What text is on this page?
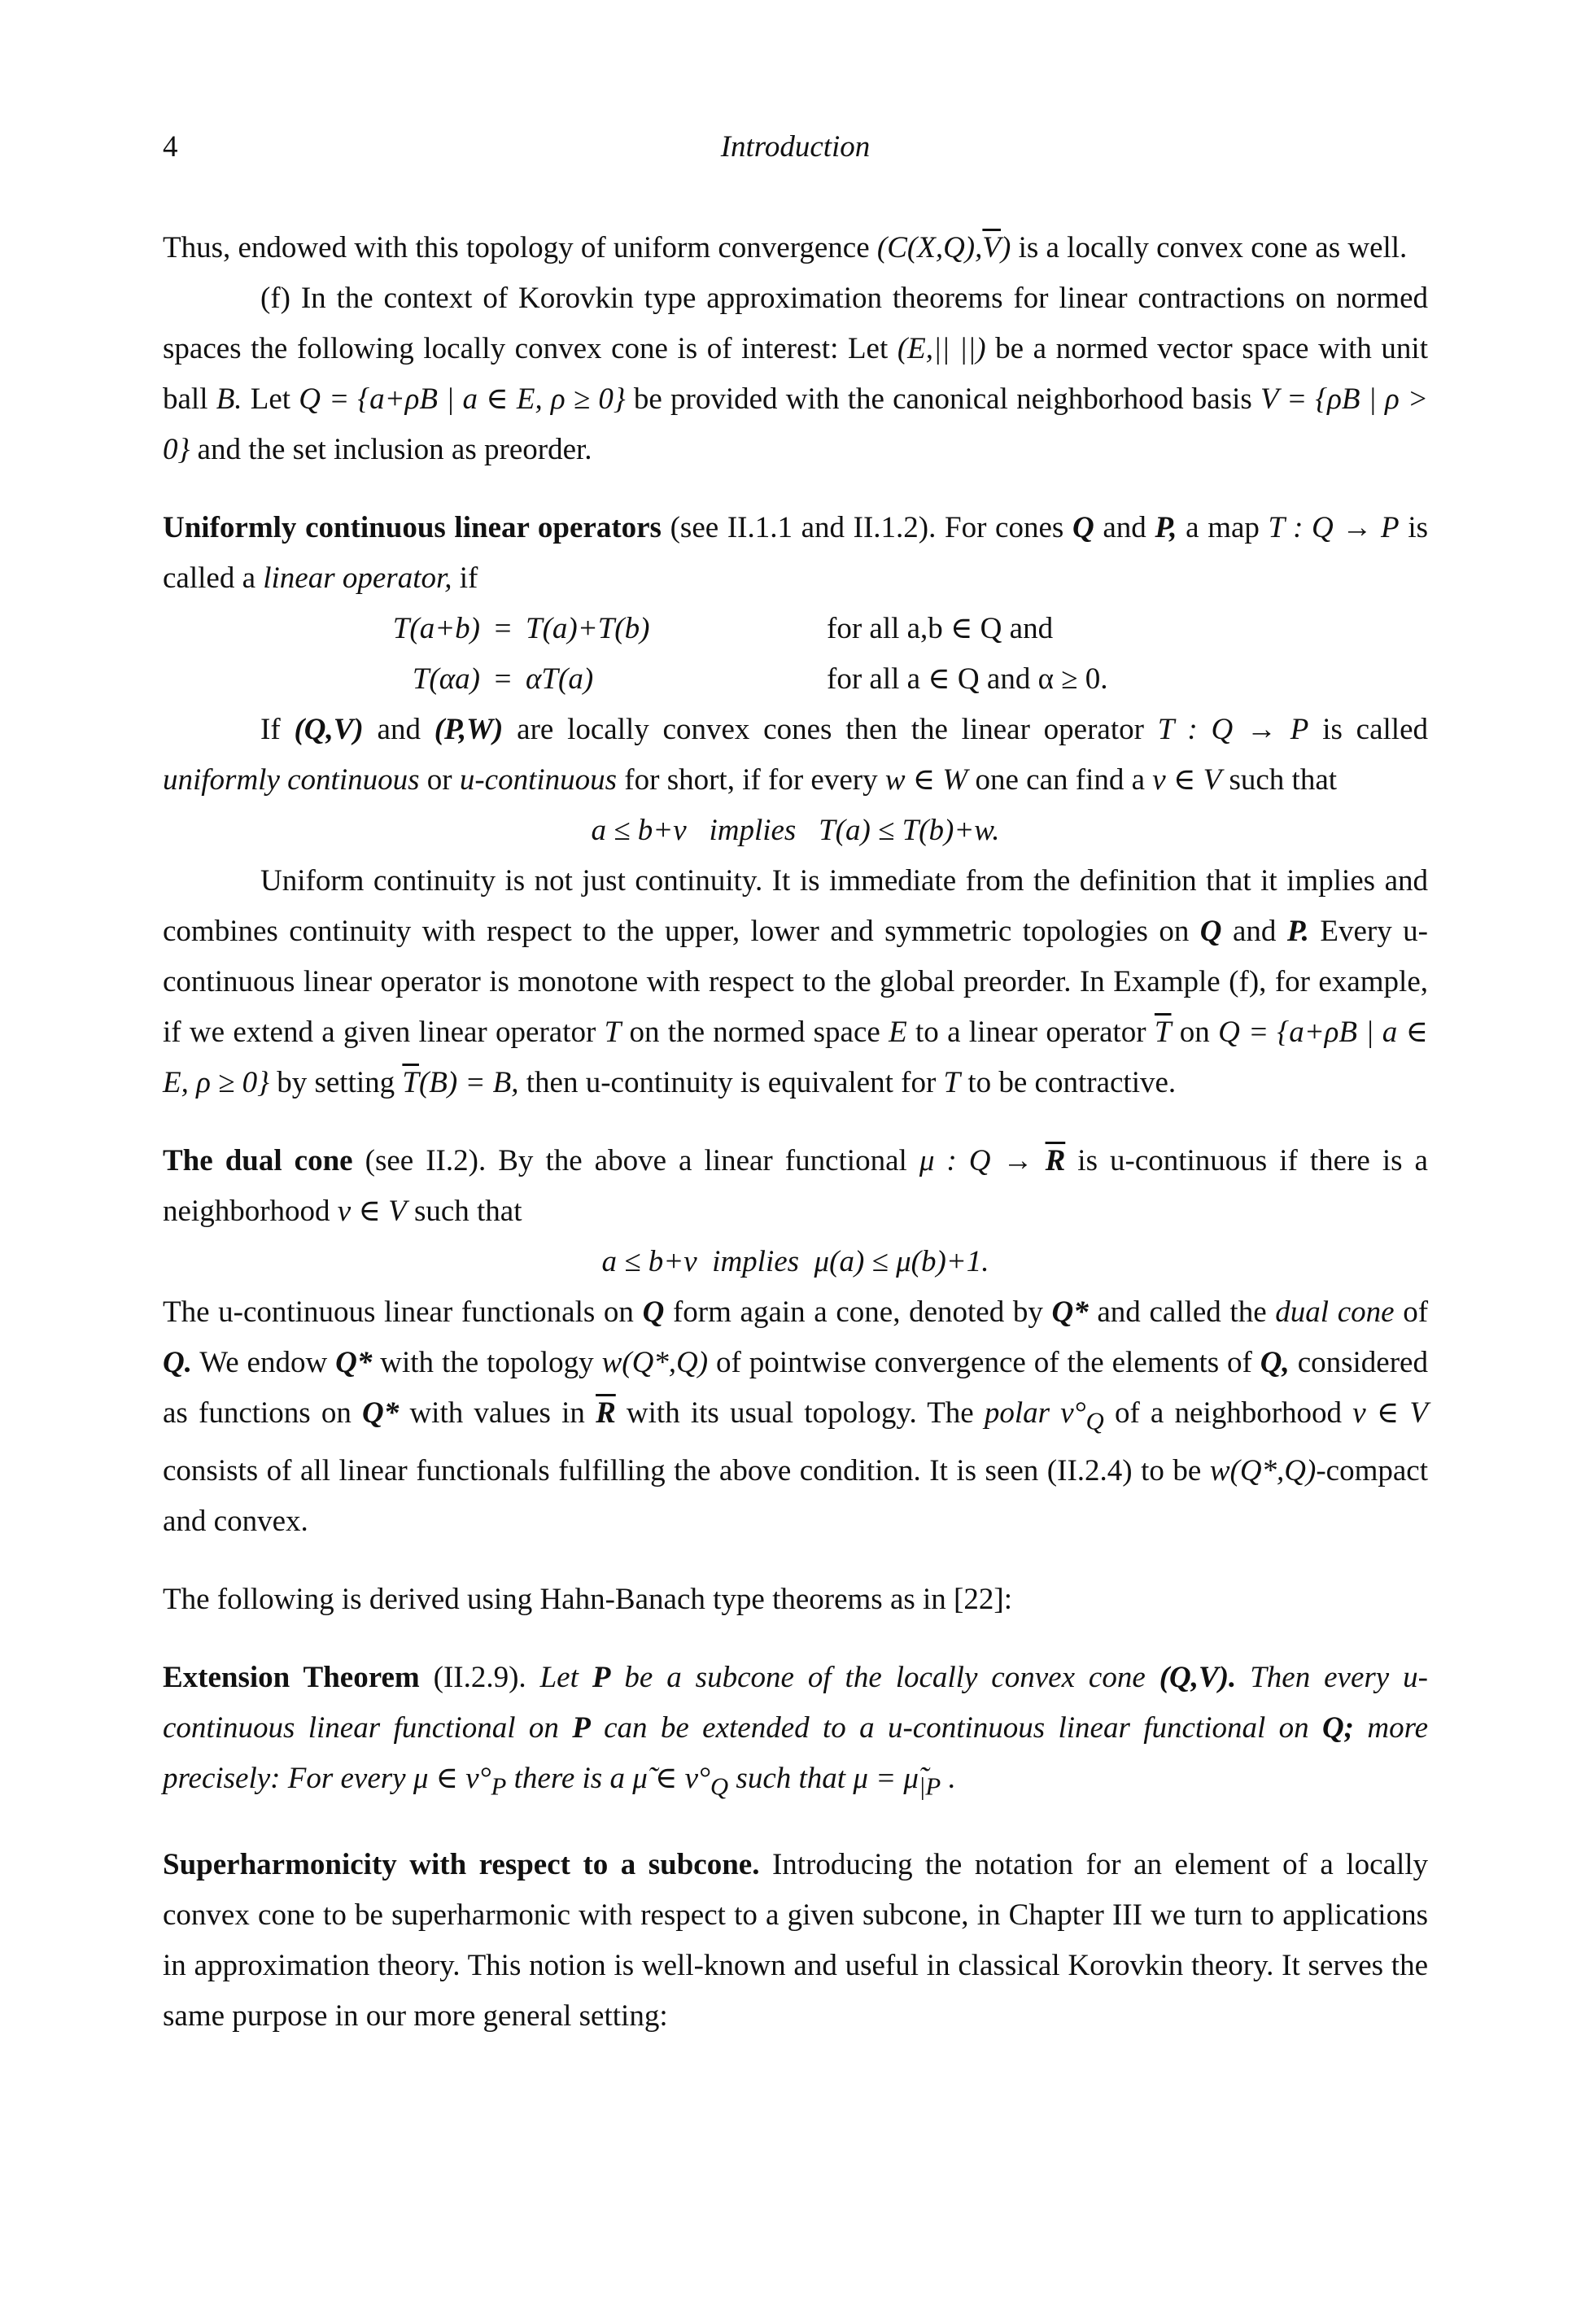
4	Introduction

Thus, endowed with this topology of uniform convergence $(C(X,Q),\overline{V})$ is a locally convex cone as well.

(f) In the context of Korovkin type approximation theorems for linear contractions on normed spaces the following locally convex cone is of interest: Let (E,|| ||) be a normed vector space with unit ball B. Let Q = {a+ρB | a ∈ E, ρ ≥ 0} be provided with the canonical neighborhood basis V = {ρB | ρ > 0} and the set inclusion as preorder.

Uniformly continuous linear operators (see II.1.1 and II.1.2). For cones Q and P, a map T : Q → P is called a linear operator, if

T(a+b) = T(a)+T(b)	for all a,b ∈ Q and
T(αa) = αT(a)	for all a ∈ Q and α ≥ 0.

If (Q,V) and (P,W) are locally convex cones then the linear operator T : Q → P is called uniformly continuous or u-continuous for short, if for every w ∈ W one can find a v ∈ V such that

a ≤ b+v   implies   T(a) ≤ T(b)+w.

Uniform continuity is not just continuity. It is immediate from the definition that it implies and combines continuity with respect to the upper, lower and symmetric topologies on Q and P. Every u-continuous linear operator is monotone with respect to the global preorder. In Example (f), for example, if we extend a given linear operator T on the normed space E to a linear operator $\overline{T}$ on Q = {a+ρB | a ∈ E, ρ ≥ 0} by setting $\overline{T}(B) = B$, then u-continuity is equivalent for T to be contractive.

The dual cone (see II.2). By the above a linear functional μ : $Q \to \overline{R}$ is u-continuous if there is a neighborhood v ∈ V such that

a ≤ b+v  implies  μ(a) ≤ μ(b)+1.

The u-continuous linear functionals on Q form again a cone, denoted by Q* and called the dual cone of Q. We endow Q* with the topology w(Q*,Q) of pointwise convergence of the elements of Q, considered as functions on Q* with values in $\overline{R}$ with its usual topology. The polar $v^\circ_Q$ of a neighborhood v ∈ V consists of all linear functionals fulfilling the above condition. It is seen (II.2.4) to be w(Q*,Q)-compact and convex.

The following is derived using Hahn-Banach type theorems as in [22]:

Extension Theorem (II.2.9). Let P be a subcone of the locally convex cone (Q,V). Then every u-continuous linear functional on P can be extended to a u-continuous linear functional on Q; more precisely: For every μ ∈ $v^\circ_P$ there is a μ̃ ∈ $v^\circ_Q$ such that $\mu = \mũ_{|P}$ .

Superharmonicity with respect to a subcone. Introducing the notation for an element of a locally convex cone to be superharmonic with respect to a given subcone, in Chapter III we turn to applications in approximation theory. This notion is well-known and useful in classical Korovkin theory. It serves the same purpose in our more general setting:
